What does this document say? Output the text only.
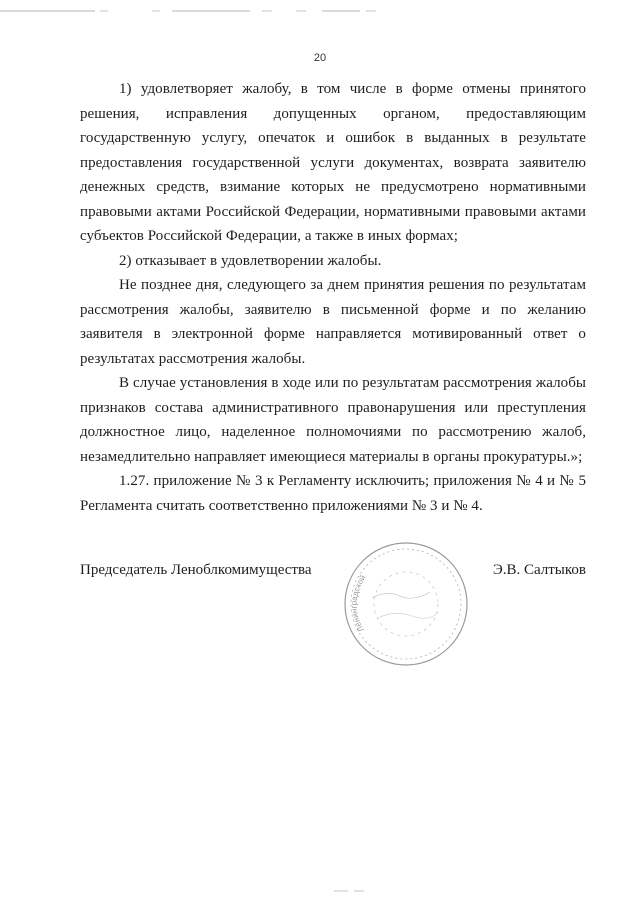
20

1) удовлетворяет жалобу, в том числе в форме отмены принятого решения, исправления допущенных органом, предоставляющим государственную услугу, опечаток и ошибок в выданных в результате предоставления государственной услуги документах, возврата заявителю денежных средств, взимание которых не предусмотрено нормативными правовыми актами Российской Федерации, нормативными правовыми актами субъектов Российской Федерации, а также в иных формах;

2) отказывает в удовлетворении жалобы.

Не позднее дня, следующего за днем принятия решения по результатам рассмотрения жалобы, заявителю в письменной форме и по желанию заявителя в электронной форме направляется мотивированный ответ о результатах рассмотрения жалобы.

В случае установления в ходе или по результатам рассмотрения жалобы признаков состава административного правонарушения или преступления должностное лицо, наделенное полномочиями по рассмотрению жалоб, незамедлительно направляет имеющиеся материалы в органы прокуратуры.»;

1.27. приложение № 3 к Регламенту исключить; приложения № 4 и № 5 Регламента считать соответственно приложениями № 3 и № 4.

Ленинградской
Председатель Леноблкомимущества	Э.В. Салтыков
